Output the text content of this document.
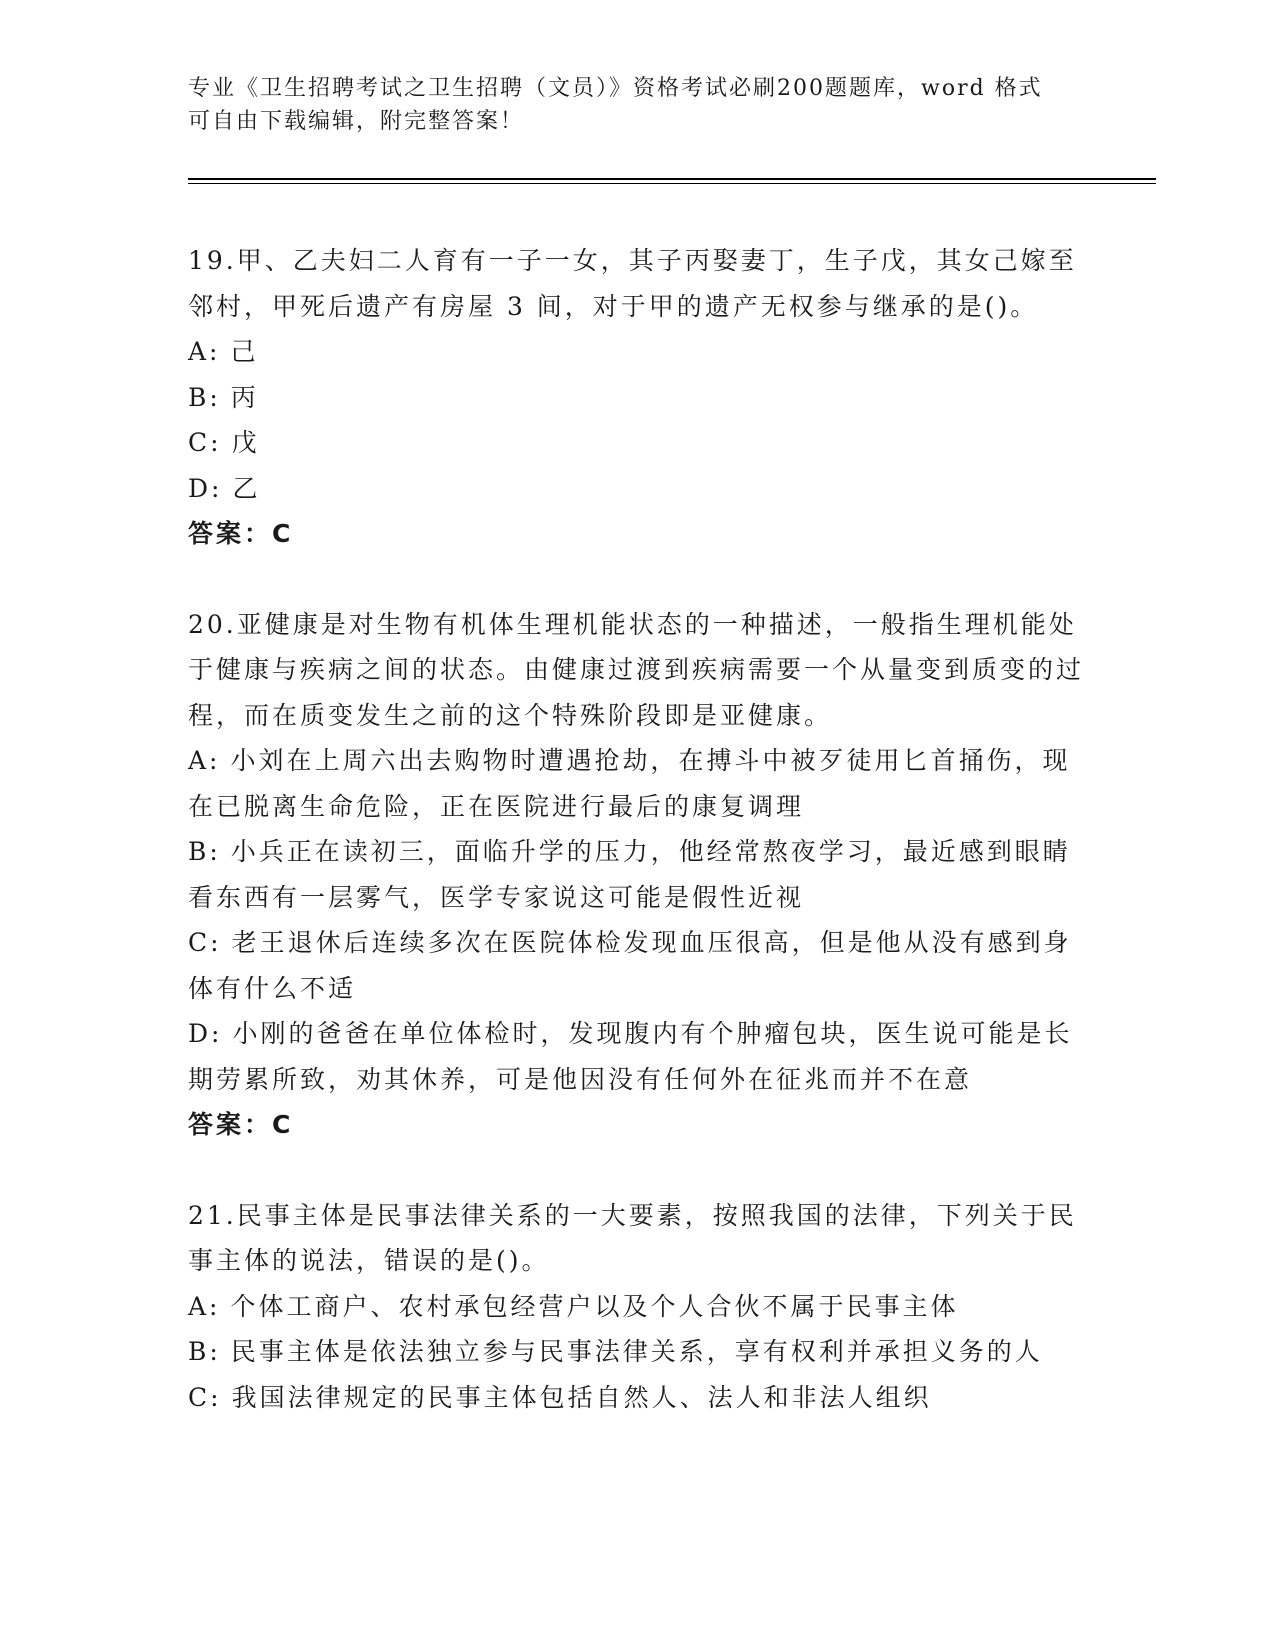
专业《卫生招聘考试之卫生招聘（文员）》资格考试必刷200题题库，word 格式
可自由下载编辑，附完整答案！

19.甲、乙夫妇二人育有一子一女，其子丙娶妻丁，生子戊，其女己嫁至邻村，甲死后遗产有房屋 3 间，对于甲的遗产无权参与继承的是()。

A: 己

B: 丙

C: 戊

D: 乙

答案：C

20.亚健康是对生物有机体生理机能状态的一种描述，一般指生理机能处于健康与疾病之间的状态。由健康过渡到疾病需要一个从量变到质变的过程，而在质变发生之前的这个特殊阶段即是亚健康。

A: 小刘在上周六出去购物时遭遇抢劫，在搏斗中被歹徒用匕首捅伤，现在已脱离生命危险，正在医院进行最后的康复调理

B: 小兵正在读初三，面临升学的压力，他经常熬夜学习，最近感到眼睛看东西有一层雾气，医学专家说这可能是假性近视

C: 老王退休后连续多次在医院体检发现血压很高，但是他从没有感到身体有什么不适

D: 小刚的爸爸在单位体检时，发现腹内有个肿瘤包块，医生说可能是长期劳累所致，劝其休养，可是他因没有任何外在征兆而并不在意

答案：C

21.民事主体是民事法律关系的一大要素，按照我国的法律，下列关于民事主体的说法，错误的是()。

A: 个体工商户、农村承包经营户以及个人合伙不属于民事主体

B: 民事主体是依法独立参与民事法律关系，享有权利并承担义务的人

C: 我国法律规定的民事主体包括自然人、法人和非法人组织
